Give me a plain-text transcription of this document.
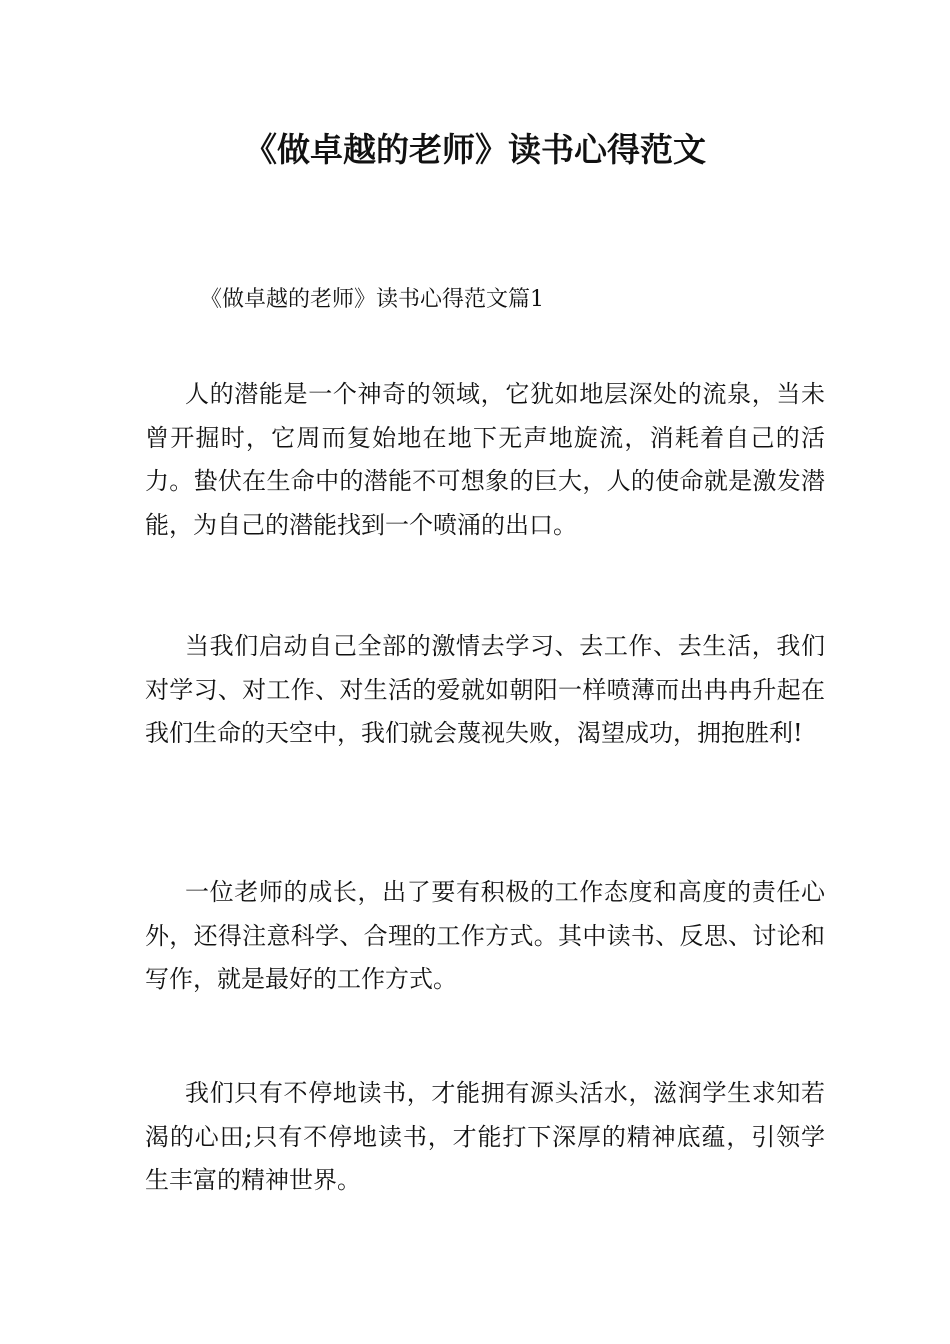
《做卓越的老师》读书心得范文

《做卓越的老师》读书心得范文篇1

人的潜能是一个神奇的领域，它犹如地层深处的流泉，当未曾开掘时，它周而复始地在地下无声地旋流，消耗着自己的活力。蛰伏在生命中的潜能不可想象的巨大，人的使命就是激发潜能，为自己的潜能找到一个喷涌的出口。

当我们启动自己全部的激情去学习、去工作、去生活，我们对学习、对工作、对生活的爱就如朝阳一样喷薄而出冉冉升起在我们生命的天空中，我们就会蔑视失败，渴望成功，拥抱胜利!

一位老师的成长，出了要有积极的工作态度和高度的责任心外，还得注意科学、合理的工作方式。其中读书、反思、讨论和写作，就是最好的工作方式。

我们只有不停地读书，才能拥有源头活水，滋润学生求知若渴的心田;只有不停地读书，才能打下深厚的精神底蕴，引领学生丰富的精神世界。
